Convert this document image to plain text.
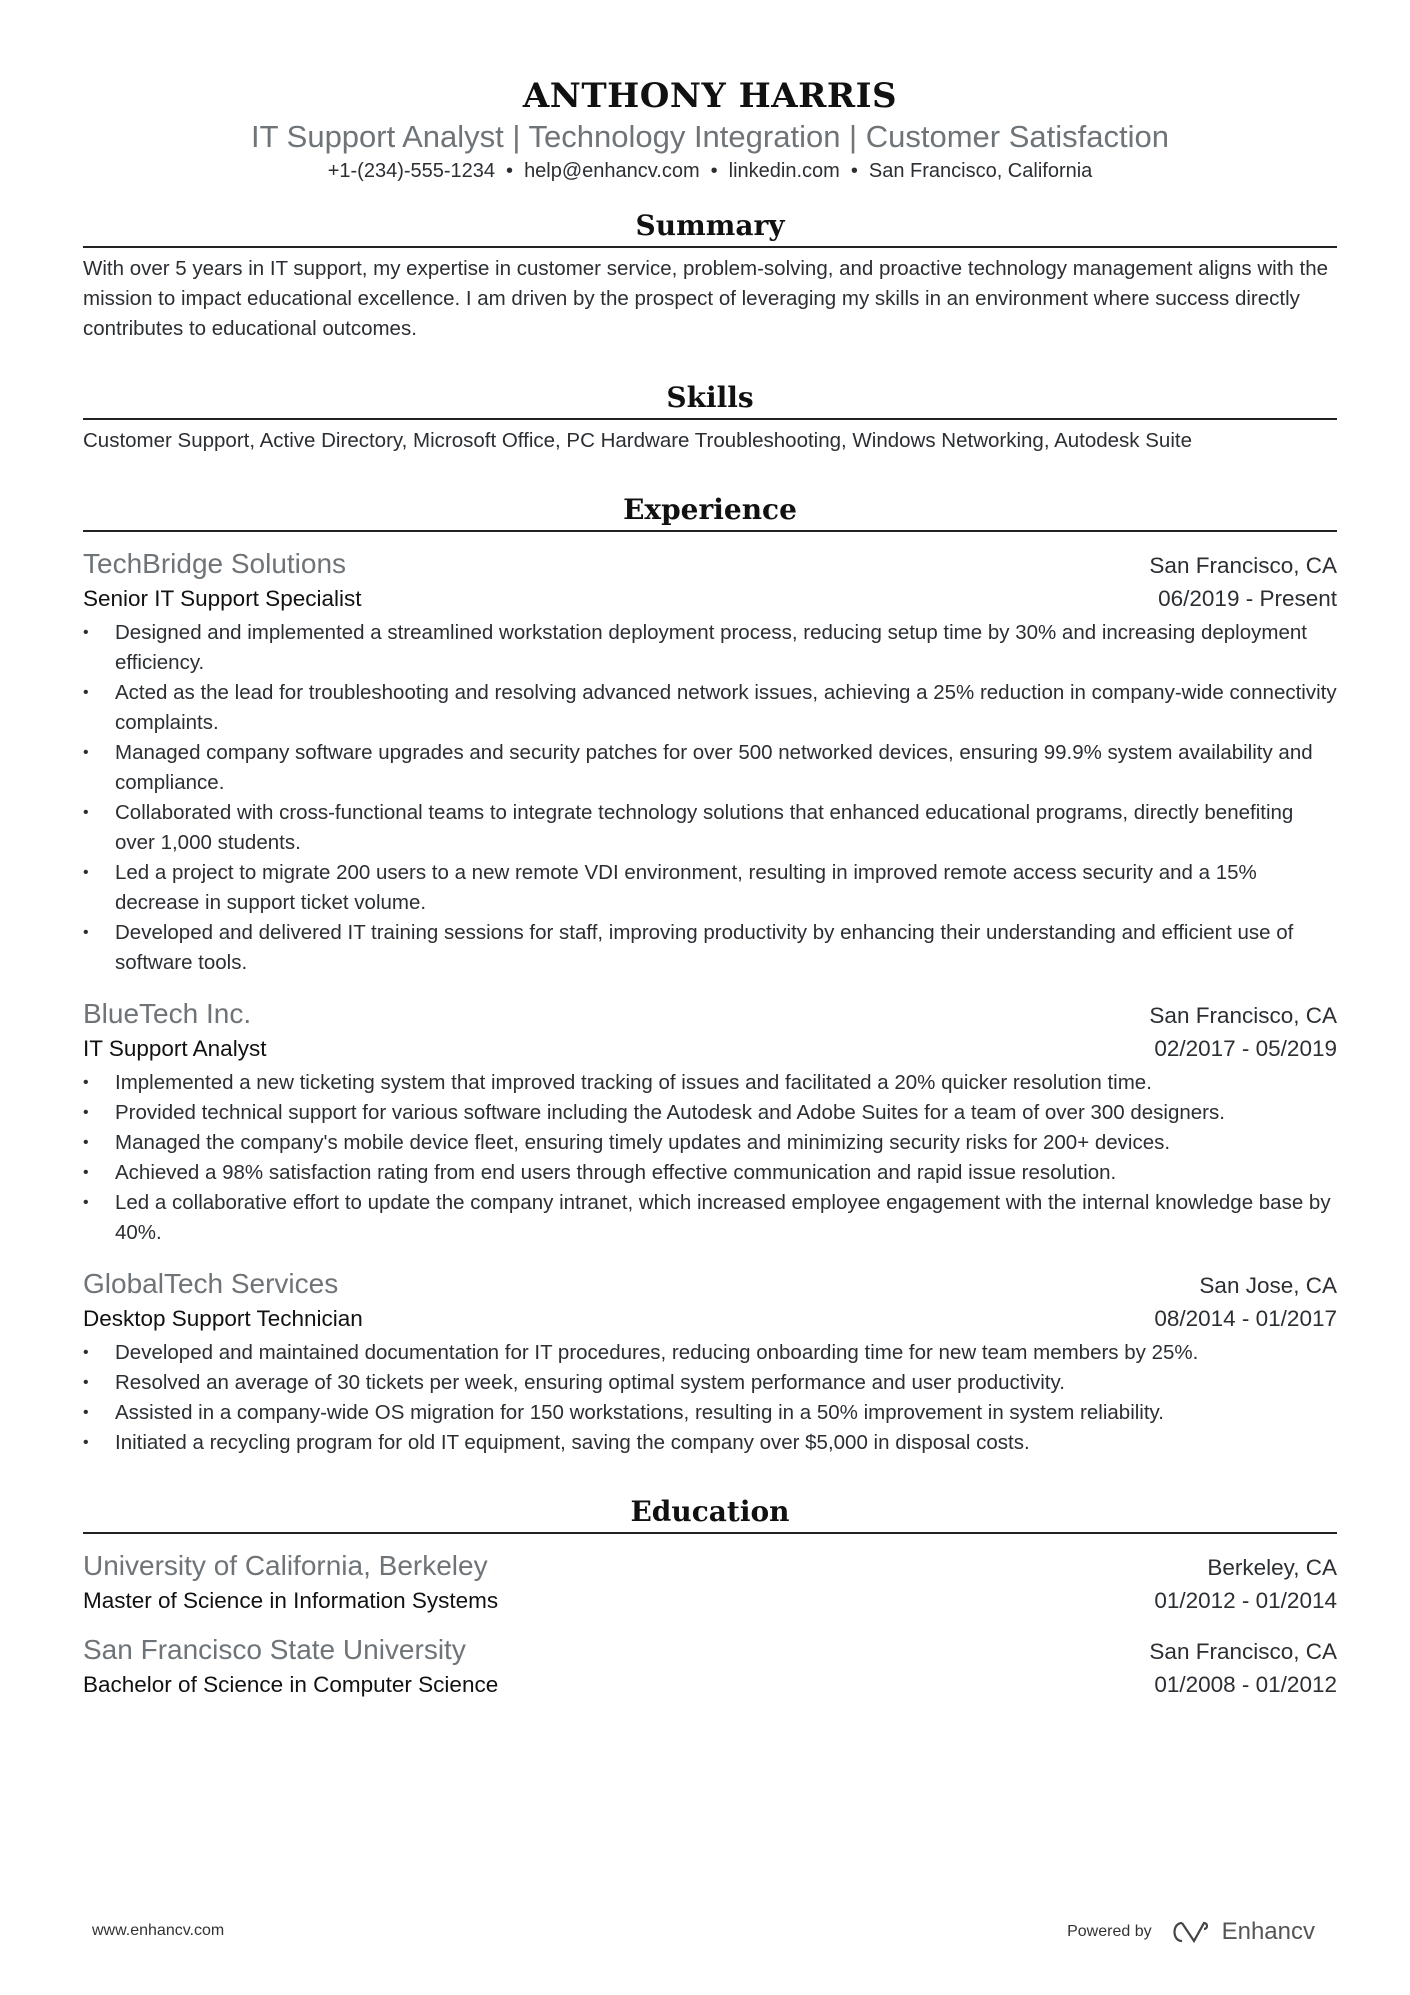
ANTHONY HARRIS
IT Support Analyst | Technology Integration | Customer Satisfaction
+1-(234)-555-1234 • help@enhancv.com • linkedin.com • San Francisco, California
Summary
With over 5 years in IT support, my expertise in customer service, problem-solving, and proactive technology management aligns with the mission to impact educational excellence. I am driven by the prospect of leveraging my skills in an environment where success directly contributes to educational outcomes.
Skills
Customer Support, Active Directory, Microsoft Office, PC Hardware Troubleshooting, Windows Networking, Autodesk Suite
Experience
TechBridge Solutions	San Francisco, CA
Senior IT Support Specialist	06/2019 - Present
• Designed and implemented a streamlined workstation deployment process, reducing setup time by 30% and increasing deployment efficiency.
• Acted as the lead for troubleshooting and resolving advanced network issues, achieving a 25% reduction in company-wide connectivity complaints.
• Managed company software upgrades and security patches for over 500 networked devices, ensuring 99.9% system availability and compliance.
• Collaborated with cross-functional teams to integrate technology solutions that enhanced educational programs, directly benefiting over 1,000 students.
• Led a project to migrate 200 users to a new remote VDI environment, resulting in improved remote access security and a 15% decrease in support ticket volume.
• Developed and delivered IT training sessions for staff, improving productivity by enhancing their understanding and efficient use of software tools.
BlueTech Inc.	San Francisco, CA
IT Support Analyst	02/2017 - 05/2019
• Implemented a new ticketing system that improved tracking of issues and facilitated a 20% quicker resolution time.
• Provided technical support for various software including the Autodesk and Adobe Suites for a team of over 300 designers.
• Managed the company's mobile device fleet, ensuring timely updates and minimizing security risks for 200+ devices.
• Achieved a 98% satisfaction rating from end users through effective communication and rapid issue resolution.
• Led a collaborative effort to update the company intranet, which increased employee engagement with the internal knowledge base by 40%.
GlobalTech Services	San Jose, CA
Desktop Support Technician	08/2014 - 01/2017
• Developed and maintained documentation for IT procedures, reducing onboarding time for new team members by 25%.
• Resolved an average of 30 tickets per week, ensuring optimal system performance and user productivity.
• Assisted in a company-wide OS migration for 150 workstations, resulting in a 50% improvement in system reliability.
• Initiated a recycling program for old IT equipment, saving the company over $5,000 in disposal costs.
Education
University of California, Berkeley	Berkeley, CA
Master of Science in Information Systems	01/2012 - 01/2014
San Francisco State University	San Francisco, CA
Bachelor of Science in Computer Science	01/2008 - 01/2012
www.enhancv.com	Powered by	Enhancv
